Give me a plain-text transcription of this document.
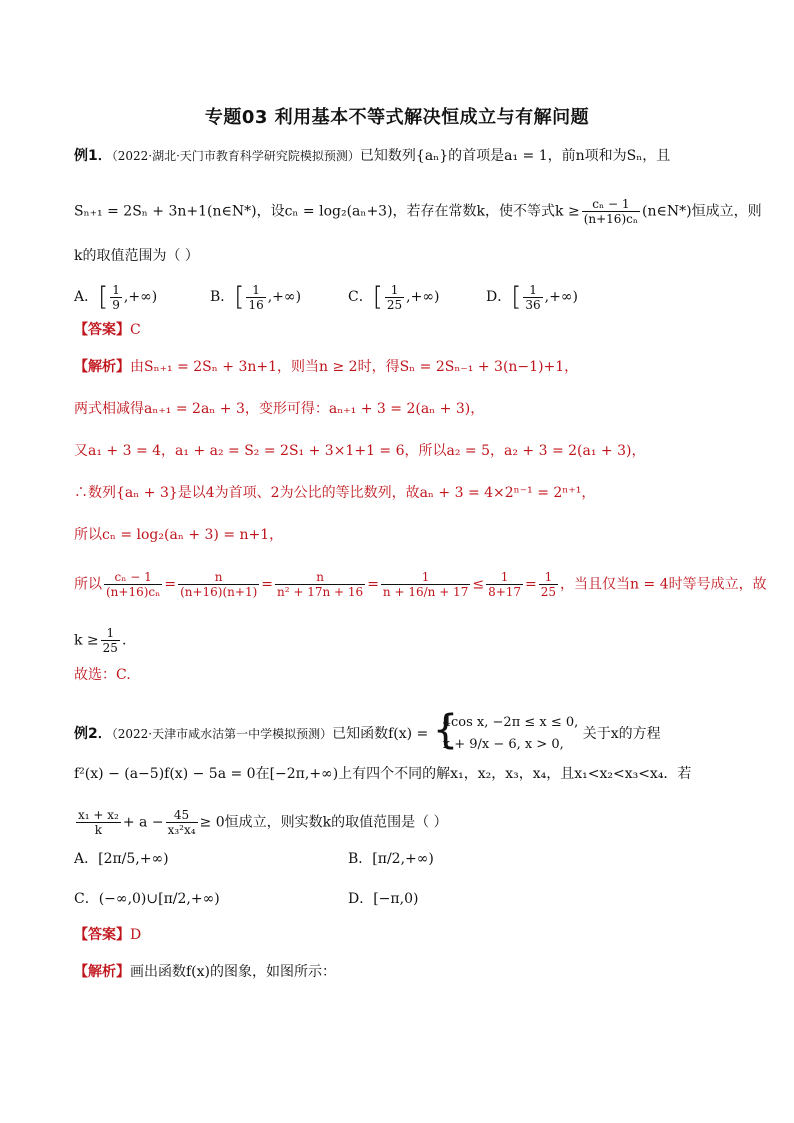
专题03 利用基本不等式解决恒成立与有解问题
例1．（2022·湖北·天门市教育科学研究院模拟预测）已知数列{aₙ}的首项是a₁ = 1，前n项和为Sₙ，且
Sₙ₊₁ = 2Sₙ + 3n+1(n∈N*)，设cₙ = log₂(aₙ+3)，若存在常数k，使不等式$k \ge \frac{\text{cₙ − 1}}{\text{(n+16)cₙ}}$ (n∈N*)恒成立，则
k的取值范围为（ ）
A．[ $\frac{1}{9}$ ,+∞)	B．[ $\frac{1}{16}$ ,+∞)	C．[ $\frac{1}{25}$ ,+∞)	D．[ $\frac{1}{36}$ ,+∞)
【答案】C
【解析】由Sₙ₊₁ = 2Sₙ + 3n+1，则当n ≥ 2时，得Sₙ = 2Sₙ₋₁ + 3(n−1)+1，
两式相减得aₙ₊₁ = 2aₙ + 3，变形可得：aₙ₊₁ + 3 = 2(aₙ + 3)，
又a₁ + 3 = 4，a₁ + a₂ = S₂ = 2S₁ + 3×1+1 = 6，所以a₂ = 5，a₂ + 3 = 2(a₁ + 3)，
∴数列{aₙ + 3}是以4为首项、2为公比的等比数列，故aₙ + 3 = 4×2ⁿ⁻¹ = 2ⁿ⁺¹，
所以cₙ = log₂(aₙ + 3) = n+1，
所以 $\frac{\text{cₙ − 1}}{\text{(n+16)cₙ}} = \frac{n}{(n+16)(n+1)} = \frac{n}{\text{n² + 17n + 16}} = \frac{1}{n + 16/n + 17} \le \frac{1}{8+17} = \frac{1}{25}$ ，当且仅当n = 4时等号成立，故
$k \ge \frac{1}{25}$ .
故选：C.
例2．（2022·天津市咸水沽第一中学模拟预测）已知函数f(x) = {
4cos x, −2π ≤ x ≤ 0,
x + 9/x − 6, x > 0,
关于x的方程
f²(x) − (a−5)f(x) − 5a = 0在[−2π,+∞)上有四个不同的解x₁，x₂，x₃，x₄，且x₁<x₂<x₃<x₄．若
$\frac{\text{x₁ + x₂}}{k} + a - \frac{45}{\text{x₃²x₄}} \ge 0$恒成立，则实数k的取值范围是（ ）
A．[2π/5,+∞)	B．[π/2,+∞)
C．(−∞,0)∪[π/2,+∞)	D．[−π,0)
【答案】D
【解析】画出函数f(x)的图象，如图所示：
